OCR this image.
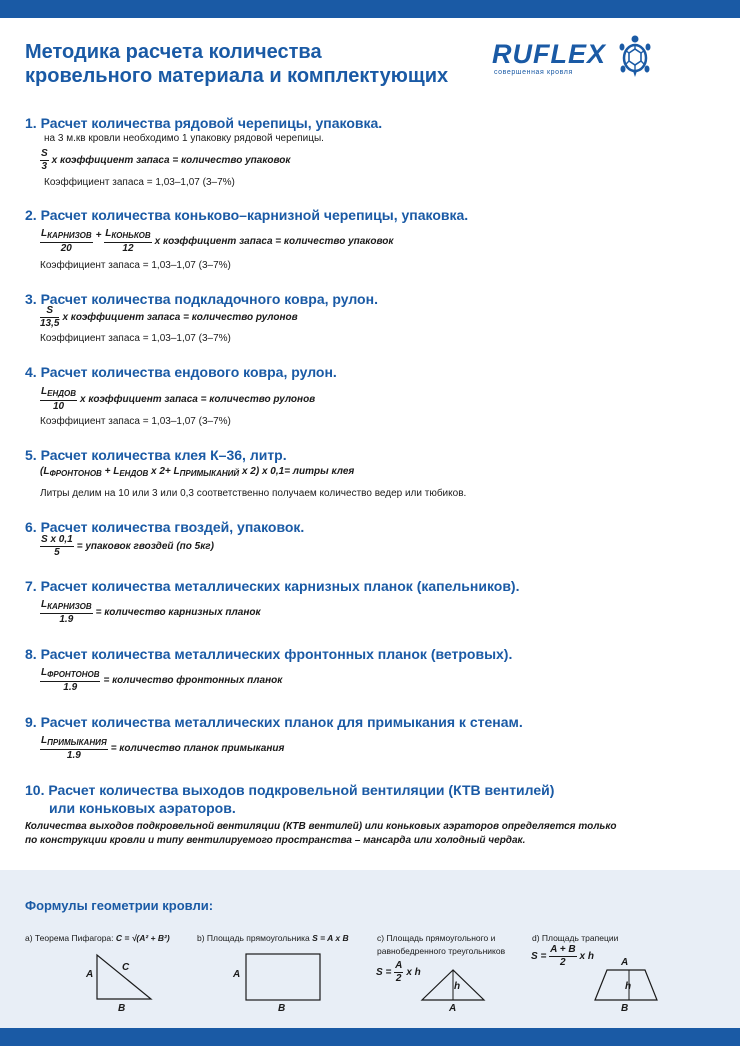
Методика расчета количества
кровельного материала и комплектующих
RUFLEX
совершенная кровля
1. Расчет количества рядовой черепицы, упаковка.
на 3 м.кв кровли необходимо 1 упаковку рядовой черепицы.
$\frac{S}{3}$ x коэффициент запаса = количество упаковок
Коэффициент запаса = 1,03–1,07 (3–7%)
2. Расчет количества коньково–карнизной черепицы, упаковка.
$\frac{L_{КАРНИЗОВ}}{20} + \frac{L_{КОНЬКОВ}}{12}$ x коэффициент запаса = количество упаковок
Коэффициент запаса = 1,03–1,07 (3–7%)
3. Расчет количества подкладочного ковра, рулон.
$\frac{S}{13,5}$ x коэффициент запаса = количество рулонов
Коэффициент запаса = 1,03–1,07 (3–7%)
4. Расчет количества ендового ковра, рулон.
$\frac{L_{ЕНДОВ}}{10}$ x коэффициент запаса = количество рулонов
Коэффициент запаса = 1,03–1,07 (3–7%)
5. Расчет количества клея К–36, литр.
($L_{ФРОНТОНОВ} + L_{ЕНДОВ}$ x $2+ L_{ПРИМЫКАНИЙ}$ x 2) x 0,1= литры клея
Литры делим на 10 или 3 или 0,3 соответственно получаем количество ведер или тюбиков.
6. Расчет количества гвоздей, упаковок.
$\frac{\text{S x 0,1}}{5}$ = упаковок гвоздей (по 5кг)
7. Расчет количества металлических карнизных планок (капельников).
$\frac{L_{КАРНИЗОВ}}{1.9}$ = количество карнизных планок
8. Расчет количества металлических фронтонных планок (ветровых).
$\frac{L_{ФРОНТОНОВ}}{1.9}$ = количество фронтонных планок
9. Расчет количества металлических планок для примыкания к стенам.
$\frac{L_{ПРИМЫКАНИЯ}}{1.9}$ = количество планок примыкания
10. Расчет количества выходов подкровельной вентиляции (КТВ вентилей)
или коньковых аэраторов.
Количества выходов подкровельной вентиляции (КТВ вентилей) или коньковых аэраторов определяется только
по конструкции кровли и типу вентилируемого пространства – мансарда или холодный чердак.
Формулы геометрии кровли:
a) Теорема Пифагора: C = √(A² + B²)
A
C
B
b) Площадь прямоугольника S = A x B
A
B
c) Площадь прямоугольного и
равнобедренного треугольников
$S = \frac{A}{2}$ x h
h
A
d) Площадь трапеции
$S = \frac{A + B}{2}$ x h
A
h
B
